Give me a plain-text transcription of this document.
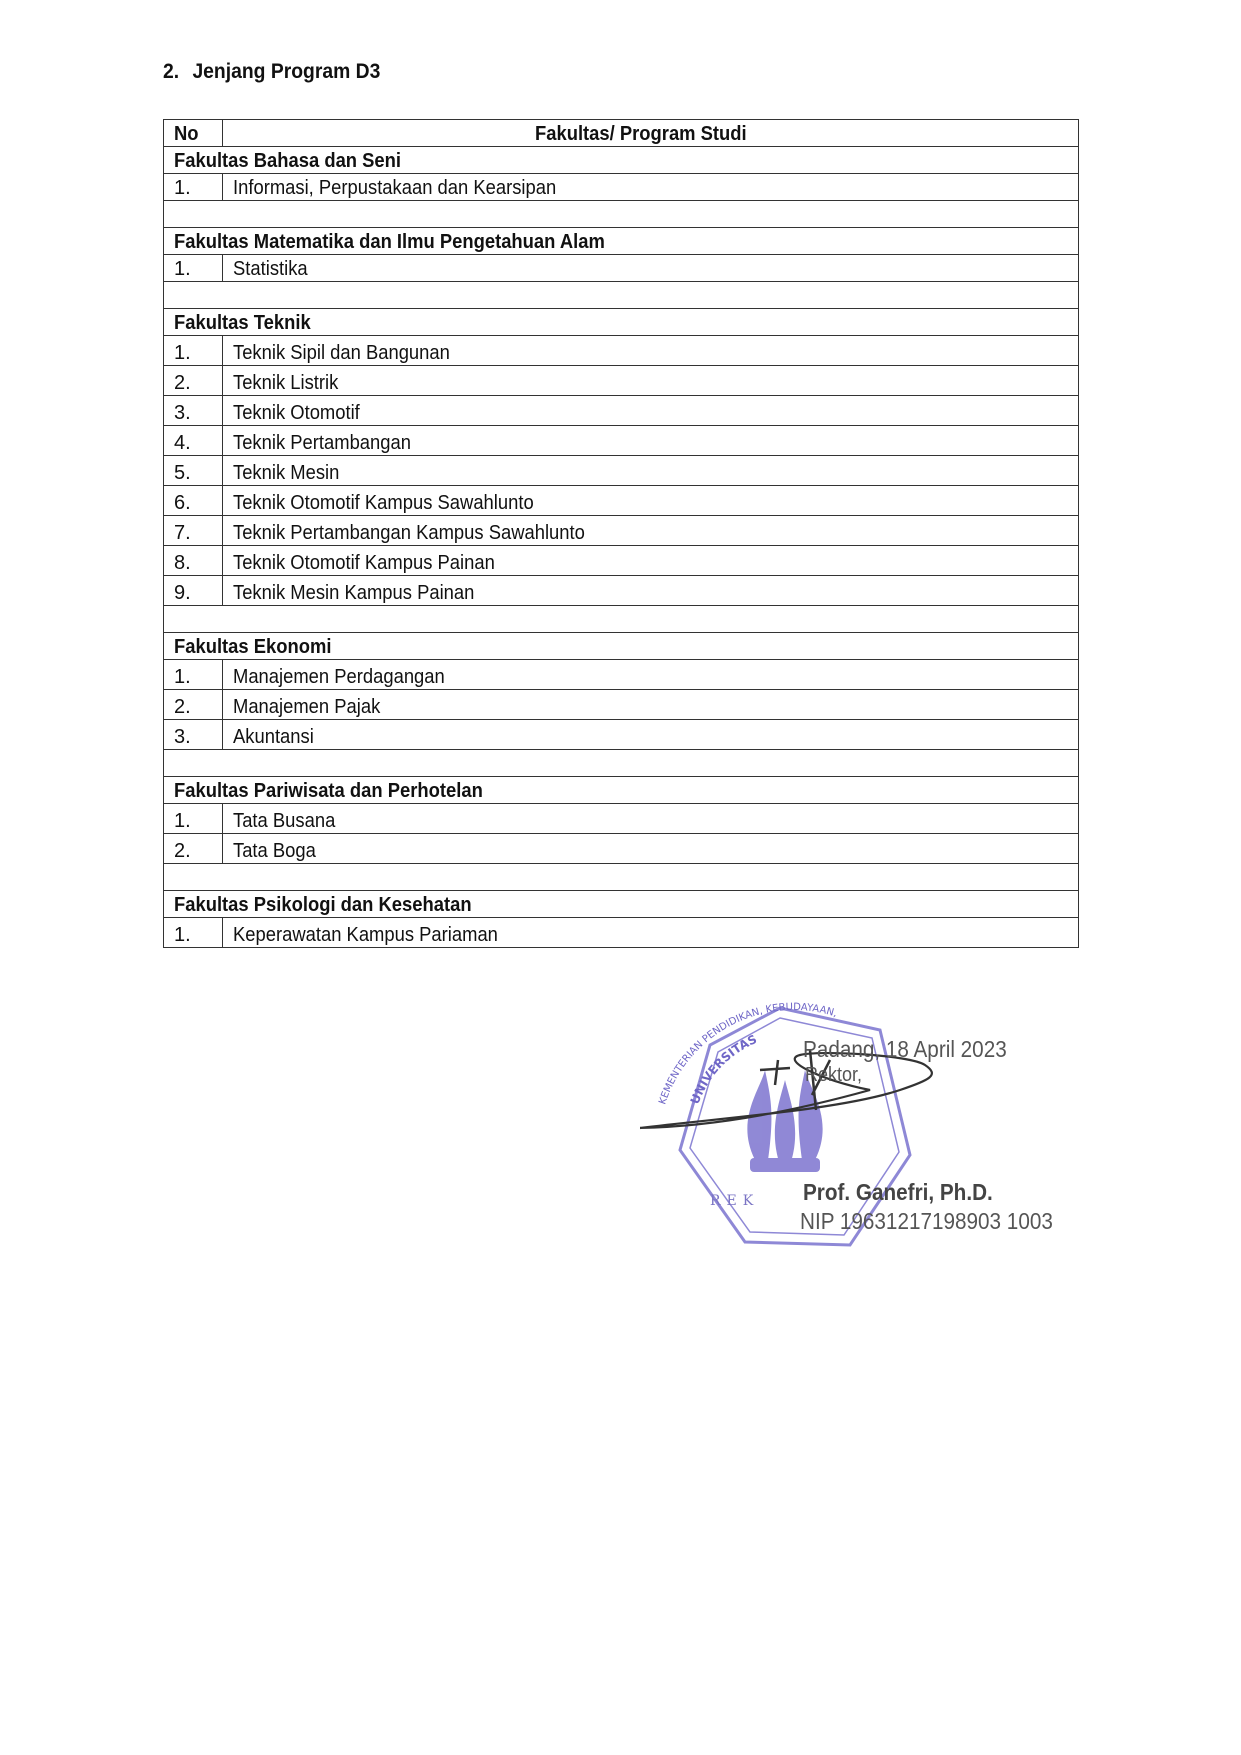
2. Jenjang Program D3
No	Fakultas/ Program Studi
Fakultas Bahasa dan Seni	
1.	Informasi, Perpustakaan dan Kearsipan

Fakultas Matematika dan Ilmu Pengetahuan Alam	
1.	Statistika

Fakultas Teknik	
1.	Teknik Sipil dan Bangunan
2.	Teknik Listrik
3.	Teknik Otomotif
4.	Teknik Pertambangan
5.	Teknik Mesin
6.	Teknik Otomotif Kampus Sawahlunto
7.	Teknik Pertambangan Kampus Sawahlunto
8.	Teknik Otomotif Kampus Painan
9.	Teknik Mesin Kampus Painan

Fakultas Ekonomi	
1.	Manajemen Perdagangan
2.	Manajemen Pajak
3.	Akuntansi

Fakultas Pariwisata dan Perhotelan	
1.	Tata Busana
2.	Tata Boga

Fakultas Psikologi dan Kesehatan	
1.	Keperawatan Kampus Pariaman
KEMENTERIAN PENDIDIKAN, KEBUDAYAAN,
UNIVERSITAS
REK
Padang, 18 April 2023
Rektor,
Prof. Ganefri, Ph.D.
NIP 19631217198903 1003
